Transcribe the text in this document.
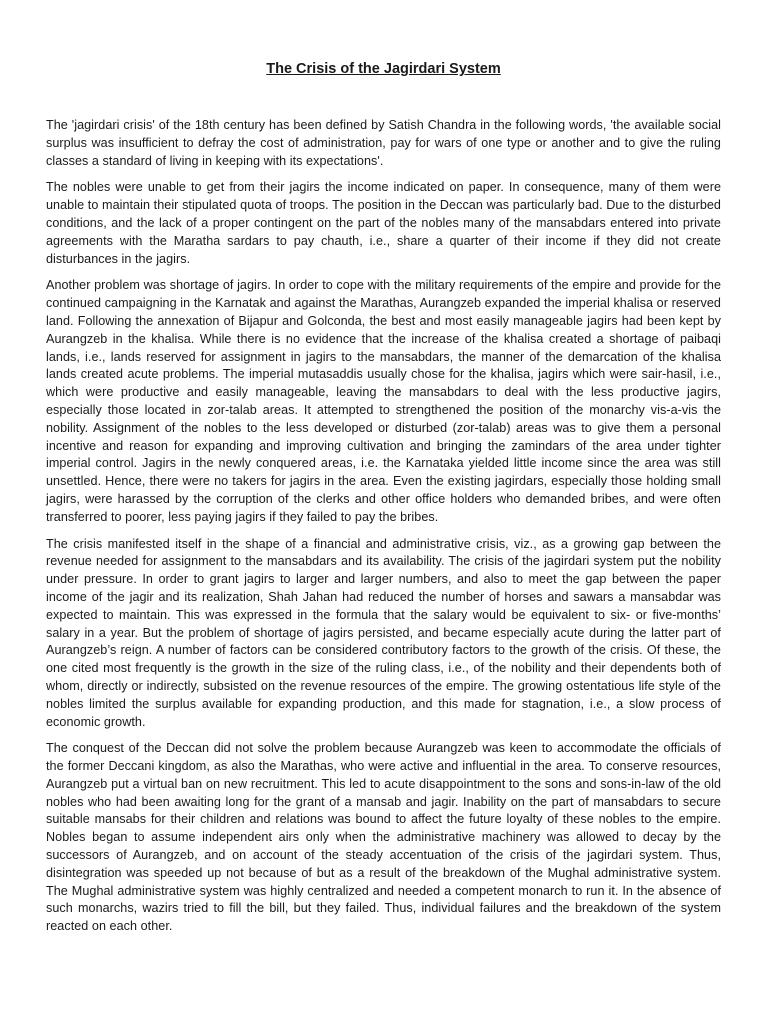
The Crisis of the Jagirdari System

The 'jagirdari crisis' of the 18th century has been defined by Satish Chandra in the following words, 'the available social surplus was insufficient to defray the cost of administration, pay for wars of one type or another and to give the ruling classes a standard of living in keeping with its expectations'.

The nobles were unable to get from their jagirs the income indicated on paper. In consequence, many of them were unable to maintain their stipulated quota of troops. The position in the Deccan was particularly bad. Due to the disturbed conditions, and the lack of a proper contingent on the part of the nobles many of the mansabdars entered into private agreements with the Maratha sardars to pay chauth, i.e., share a quarter of their income if they did not create disturbances in the jagirs.

Another problem was shortage of jagirs. In order to cope with the military requirements of the empire and provide for the continued campaigning in the Karnatak and against the Marathas, Aurangzeb expanded the imperial khalisa or reserved land. Following the annexation of Bijapur and Golconda, the best and most easily manageable jagirs had been kept by Aurangzeb in the khalisa. While there is no evidence that the increase of the khalisa created a shortage of paibaqi lands, i.e., lands reserved for assignment in jagirs to the mansabdars, the manner of the demarcation of the khalisa lands created acute problems. The imperial mutasaddis usually chose for the khalisa, jagirs which were sair-hasil, i.e., which were productive and easily manageable, leaving the mansabdars to deal with the less productive jagirs, especially those located in zor-talab areas. It attempted to strengthened the position of the monarchy vis-a-vis the nobility. Assignment of the nobles to the less developed or disturbed (zor-talab) areas was to give them a personal incentive and reason for expanding and improving cultivation and bringing the zamindars of the area under tighter imperial control. Jagirs in the newly conquered areas, i.e. the Karnataka yielded little income since the area was still unsettled. Hence, there were no takers for jagirs in the area. Even the existing jagirdars, especially those holding small jagirs, were harassed by the corruption of the clerks and other office holders who demanded bribes, and were often transferred to poorer, less paying jagirs if they failed to pay the bribes.

The crisis manifested itself in the shape of a financial and administrative crisis, viz., as a growing gap between the revenue needed for assignment to the mansabdars and its availability. The crisis of the jagirdari system put the nobility under pressure. In order to grant jagirs to larger and larger numbers, and also to meet the gap between the paper income of the jagir and its realization, Shah Jahan had reduced the number of horses and sawars a mansabdar was expected to maintain. This was expressed in the formula that the salary would be equivalent to six- or five-months’ salary in a year. But the problem of shortage of jagirs persisted, and became especially acute during the latter part of Aurangzeb’s reign. A number of factors can be considered contributory factors to the growth of the crisis. Of these, the one cited most frequently is the growth in the size of the ruling class, i.e., of the nobility and their dependents both of whom, directly or indirectly, subsisted on the revenue resources of the empire. The growing ostentatious life style of the nobles limited the surplus available for expanding production, and this made for stagnation, i.e., a slow process of economic growth.

The conquest of the Deccan did not solve the problem because Aurangzeb was keen to accommodate the officials of the former Deccani kingdom, as also the Marathas, who were active and influential in the area. To conserve resources, Aurangzeb put a virtual ban on new recruitment. This led to acute disappointment to the sons and sons-in-law of the old nobles who had been awaiting long for the grant of a mansab and jagir. Inability on the part of mansabdars to secure suitable mansabs for their children and relations was bound to affect the future loyalty of these nobles to the empire. Nobles began to assume independent airs only when the administrative machinery was allowed to decay by the successors of Aurangzeb, and on account of the steady accentuation of the crisis of the jagirdari system. Thus, disintegration was speeded up not because of but as a result of the breakdown of the Mughal administrative system. The Mughal administrative system was highly centralized and needed a competent monarch to run it. In the absence of such monarchs, wazirs tried to fill the bill, but they failed. Thus, individual failures and the breakdown of the system reacted on each other.
